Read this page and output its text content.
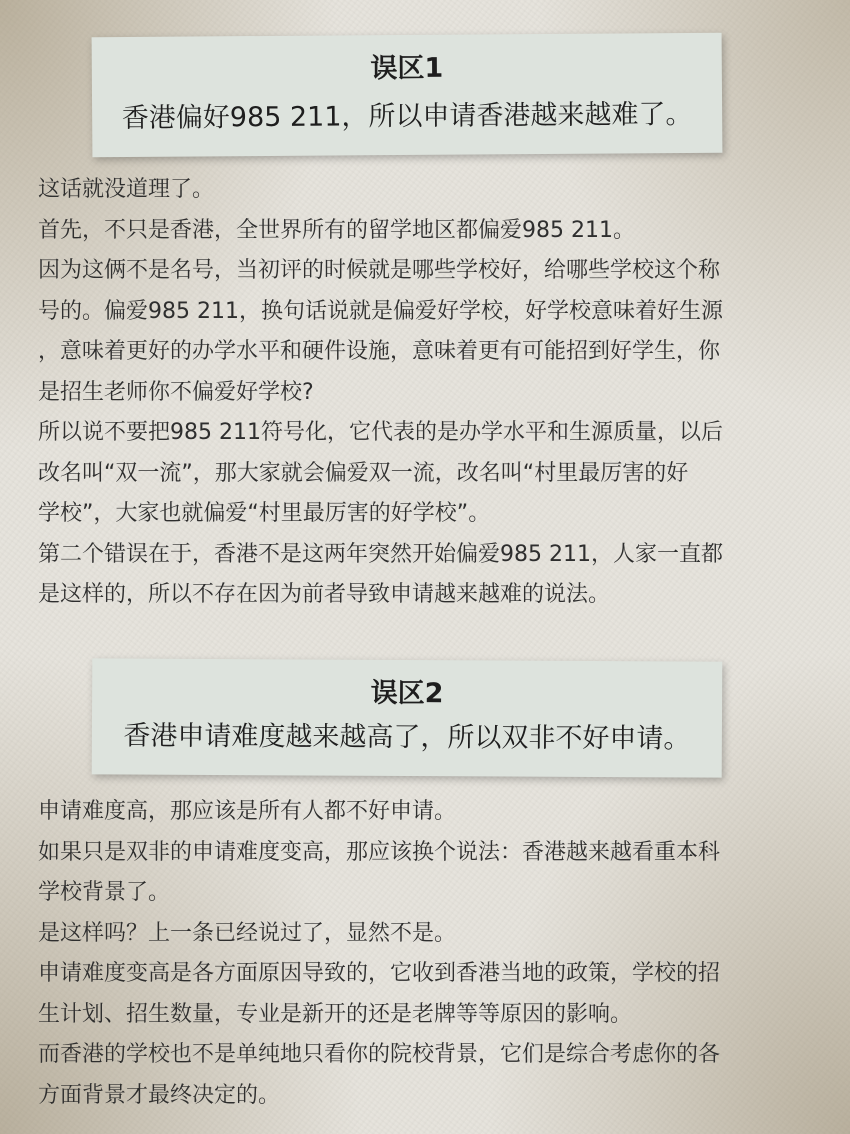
误区1
香港偏好985 211，所以申请香港越来越难了。

这话就没道理了。

首先，不只是香港，全世界所有的留学地区都偏爱985 211。

因为这俩不是名号，当初评的时候就是哪些学校好，给哪些学校这个称

号的。偏爱985 211，换句话说就是偏爱好学校，好学校意味着好生源

，意味着更好的办学水平和硬件设施，意味着更有可能招到好学生，你

是招生老师你不偏爱好学校?

所以说不要把985 211符号化，它代表的是办学水平和生源质量，以后

改名叫“双一流”，那大家就会偏爱双一流，改名叫“村里最厉害的好

学校”，大家也就偏爱“村里最厉害的好学校”。

第二个错误在于，香港不是这两年突然开始偏爱985 211，人家一直都

是这样的，所以不存在因为前者导致申请越来越难的说法。

误区2
香港申请难度越来越高了，所以双非不好申请。

申请难度高，那应该是所有人都不好申请。

如果只是双非的申请难度变高，那应该换个说法：香港越来越看重本科

学校背景了。

是这样吗？上一条已经说过了，显然不是。

申请难度变高是各方面原因导致的，它收到香港当地的政策，学校的招

生计划、招生数量，专业是新开的还是老牌等等原因的影响。

而香港的学校也不是单纯地只看你的院校背景，它们是综合考虑你的各

方面背景才最终决定的。
